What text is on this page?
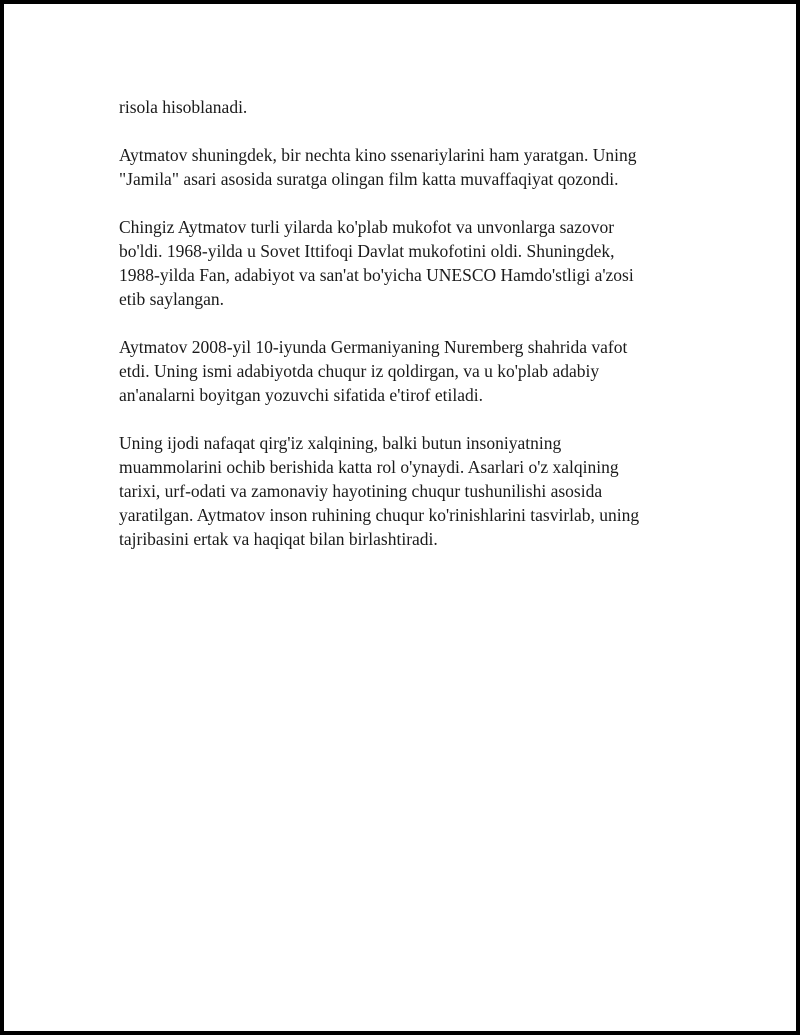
risola hisoblanadi.

Aytmatov shuningdek, bir nechta kino ssenariylarini ham yaratgan. Uning
"Jamila" asari asosida suratga olingan film katta muvaffaqiyat qozondi.

Chingiz Aytmatov turli yilarda ko'plab mukofot va unvonlarga sazovor
bo'ldi. 1968-yilda u Sovet Ittifoqi Davlat mukofotini oldi. Shuningdek,
1988-yilda Fan, adabiyot va san'at bo'yicha UNESCO Hamdo'stligi a'zosi
etib saylangan.

Aytmatov 2008-yil 10-iyunda Germaniyaning Nuremberg shahrida vafot
etdi. Uning ismi adabiyotda chuqur iz qoldirgan, va u ko'plab adabiy
an'analarni boyitgan yozuvchi sifatida e'tirof etiladi.

Uning ijodi nafaqat qirg'iz xalqining, balki butun insoniyatning
muammolarini ochib berishida katta rol o'ynaydi. Asarlari o'z xalqining
tarixi, urf-odati va zamonaviy hayotining chuqur tushunilishi asosida
yaratilgan. Aytmatov inson ruhining chuqur ko'rinishlarini tasvirlab, uning
tajribasini ertak va haqiqat bilan birlashtiradi.
